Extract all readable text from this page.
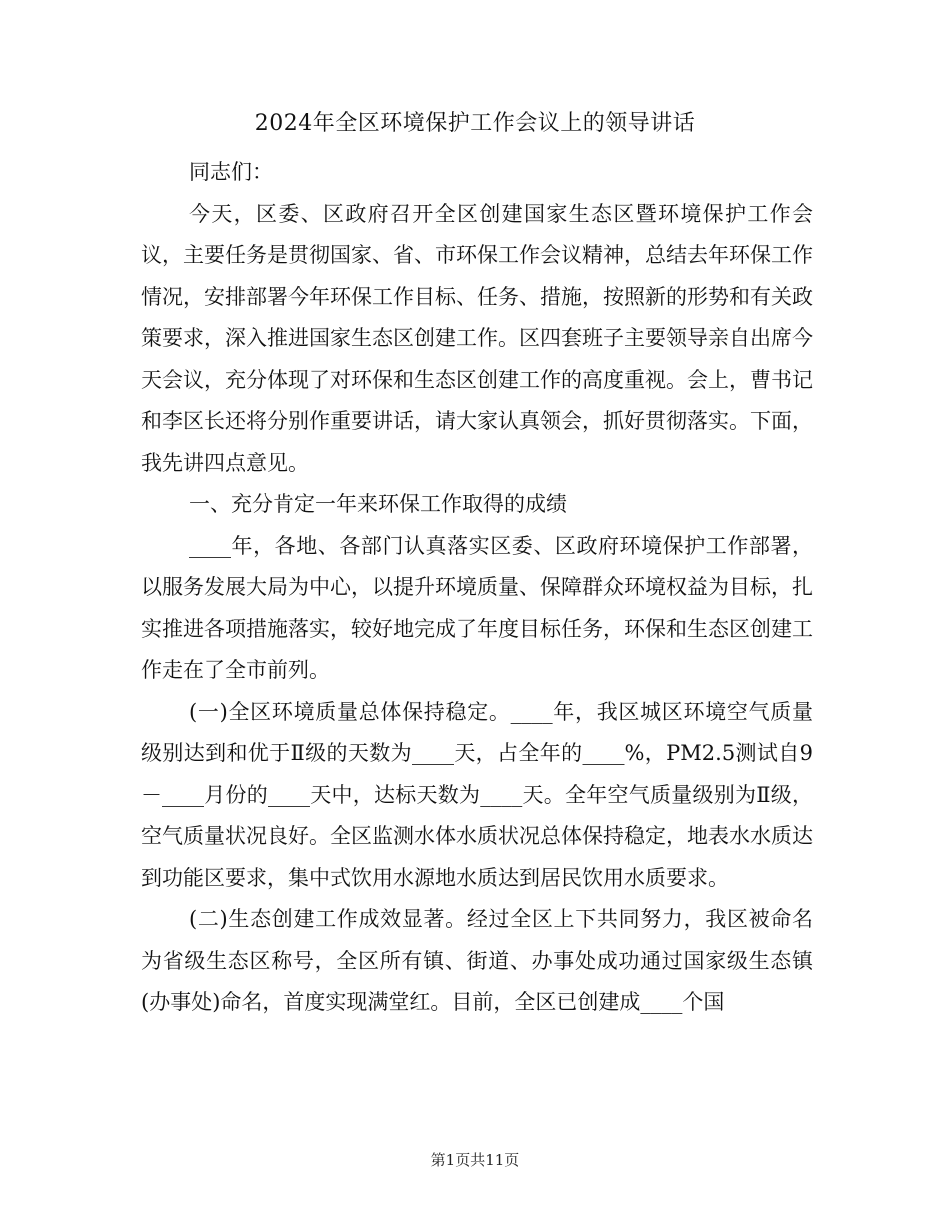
2024年全区环境保护工作会议上的领导讲话

同志们：

今天，区委、区政府召开全区创建国家生态区暨环境保护工作会议，主要任务是贯彻国家、省、市环保工作会议精神，总结去年环保工作情况，安排部署今年环保工作目标、任务、措施，按照新的形势和有关政策要求，深入推进国家生态区创建工作。区四套班子主要领导亲自出席今天会议，充分体现了对环保和生态区创建工作的高度重视。会上，曹书记和李区长还将分别作重要讲话，请大家认真领会，抓好贯彻落实。下面，我先讲四点意见。

一、充分肯定一年来环保工作取得的成绩

____年，各地、各部门认真落实区委、区政府环境保护工作部署，以服务发展大局为中心，以提升环境质量、保障群众环境权益为目标，扎实推进各项措施落实，较好地完成了年度目标任务，环保和生态区创建工作走在了全市前列。

(一)全区环境质量总体保持稳定。____年，我区城区环境空气质量级别达到和优于Ⅱ级的天数为____天，占全年的____%，PM2.5测试自9－____月份的____天中，达标天数为____天。全年空气质量级别为Ⅱ级，空气质量状况良好。全区监测水体水质状况总体保持稳定，地表水水质达到功能区要求，集中式饮用水源地水质达到居民饮用水质要求。

(二)生态创建工作成效显著。经过全区上下共同努力，我区被命名为省级生态区称号，全区所有镇、街道、办事处成功通过国家级生态镇(办事处)命名，首度实现满堂红。目前，全区已创建成____个国

第1页共11页
